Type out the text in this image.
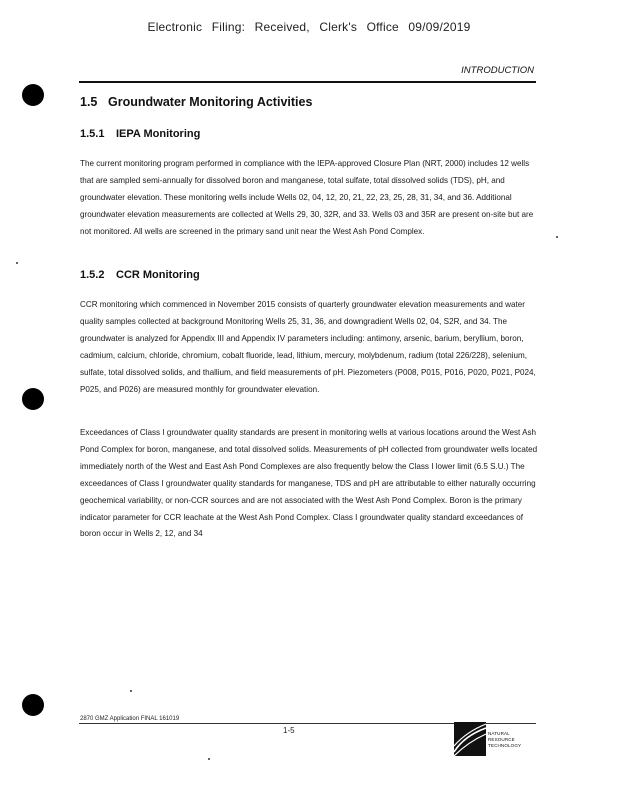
Electronic Filing: Received, Clerk's Office 09/09/2019
INTRODUCTION
1.5 Groundwater Monitoring Activities
1.5.1 IEPA Monitoring

The current monitoring program performed in compliance with the IEPA-approved Closure Plan (NRT, 2000) includes 12 wells that are sampled semi-annually for dissolved boron and manganese, total sulfate, total dissolved solids (TDS), pH, and groundwater elevation. These monitoring wells include Wells 02, 04, 12, 20, 21, 22, 23, 25, 28, 31, 34, and 36. Additional groundwater elevation measurements are collected at Wells 29, 30, 32R, and 33. Wells 03 and 35R are present on-site but are not monitored. All wells are screened in the primary sand unit near the West Ash Pond Complex.

1.5.2 CCR Monitoring

CCR monitoring which commenced in November 2015 consists of quarterly groundwater elevation measurements and water quality samples collected at background Monitoring Wells 25, 31, 36, and downgradient Wells 02, 04, S2R, and 34. The groundwater is analyzed for Appendix III and Appendix IV parameters including: antimony, arsenic, barium, beryllium, boron, cadmium, calcium, chloride, chromium, cobalt fluoride, lead, lithium, mercury, molybdenum, radium (total 226/228), selenium, sulfate, total dissolved solids, and thallium, and field measurements of pH. Piezometers (P008, P015, P016, P020, P021, P024, P025, and P026) are measured monthly for groundwater elevation.

Exceedances of Class I groundwater quality standards are present in monitoring wells at various locations around the West Ash Pond Complex for boron, manganese, and total dissolved solids. Measurements of pH collected from groundwater wells located immediately north of the West and East Ash Pond Complexes are also frequently below the Class I lower limit (6.5 S.U.) The exceedances of Class I groundwater quality standards for manganese, TDS and pH are attributable to either naturally occurring geochemical variability, or non-CCR sources and are not associated with the West Ash Pond Complex. Boron is the primary indicator parameter for CCR leachate at the West Ash Pond Complex. Class I groundwater quality standard exceedances of boron occur in Wells 2, 12, and 34

2870 GMZ Application FINAL 161019
1-5	NATURAL
RESOURCE
TECHNOLOGY
